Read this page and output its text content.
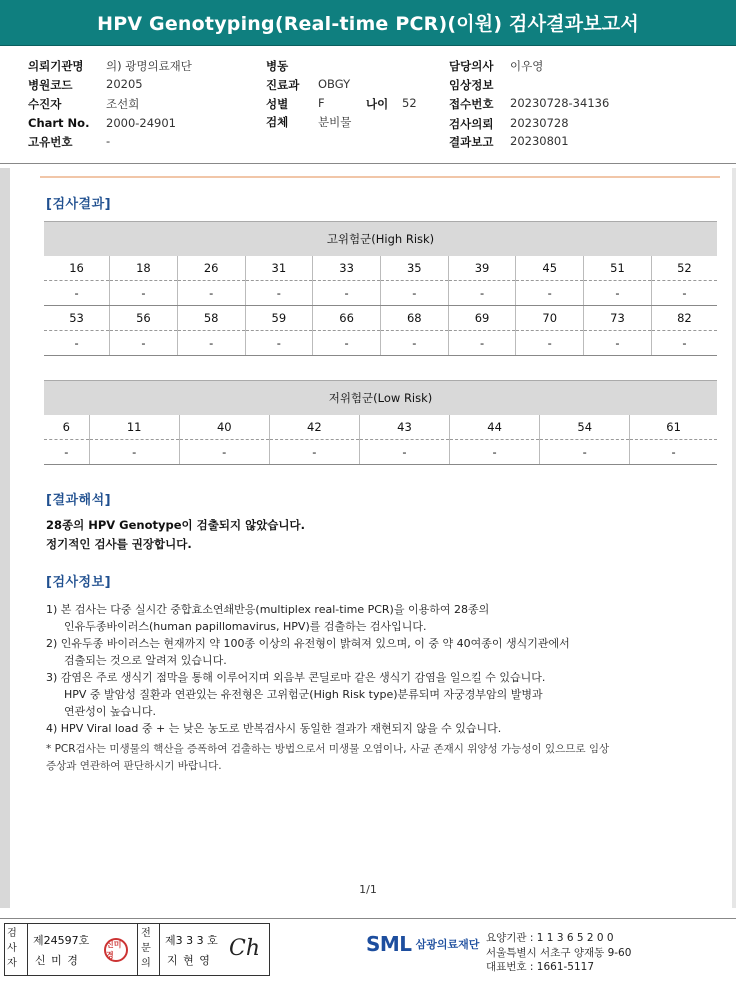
HPV Genotyping(Real-time PCR)(이원) 검사결과보고서
의뢰기관명 의) 광명의료재단
병원코드	20205
수진자	조선희
Chart No. 2000-24901
고유번호	-
병동
진료과 OBGY
성별	F	나이 52
검체	분비물
담당의사 이우영
임상정보
접수번호 20230728-34136
검사의뢰 20230728
결과보고 20230801
[검사결과]
고위험군(High Risk)									
16	18	26	31	33	35	39	45	51	52
-	-	-	-	-	-	-	-	-	-
53	56	58	59	66	68	69	70	73	82
-	-	-	-	-	-	-	-	-	-
저위험군(Low Risk)							
6	11	40	42	43	44	54	61
-	-	-	-	-	-	-	-
[결과해석]
28종의 HPV Genotype이 검출되지 않았습니다.
정기적인 검사를 권장합니다.
[검사정보]
1) 본 검사는 다중 실시간 중합효소연쇄반응(multiplex real-time PCR)을 이용하여 28종의
인유두종바이러스(human papillomavirus, HPV)를 검출하는 검사입니다.
2) 인유두종 바이러스는 현재까지 약 100종 이상의 유전형이 밝혀져 있으며, 이 중 약 40여종이 생식기관에서
검출되는 것으로 알려져 있습니다.
3) 감염은 주로 생식기 점막을 통해 이루어지며 외음부 콘딜로마 같은 생식기 감염을 일으킬 수 있습니다.
HPV 중 발암성 질환과 연관있는 유전형은 고위험군(High Risk type)분류되며 자궁경부암의 발병과
연관성이 높습니다.
4) HPV Viral load 중 + 는 낮은 농도로 반복검사시 동일한 결과가 재현되지 않을 수 있습니다.

* PCR검사는 미생물의 핵산을 증폭하여 검출하는 방법으로서 미생물 오염이나, 사균 존재시 위양성 가능성이 있으므로 임상

증상과 연관하여 판단하시기 바랍니다.

1/1
검사자
제24597호
신 미 경
신미경
전문의
제3 3 3 호
지 현 영 Ch	SML 삼광의료재단 요양기관 : 1 1 3 6 5 2 0 0
서울특별시 서초구 양재동 9-60
대표번호 : 1661-5117
